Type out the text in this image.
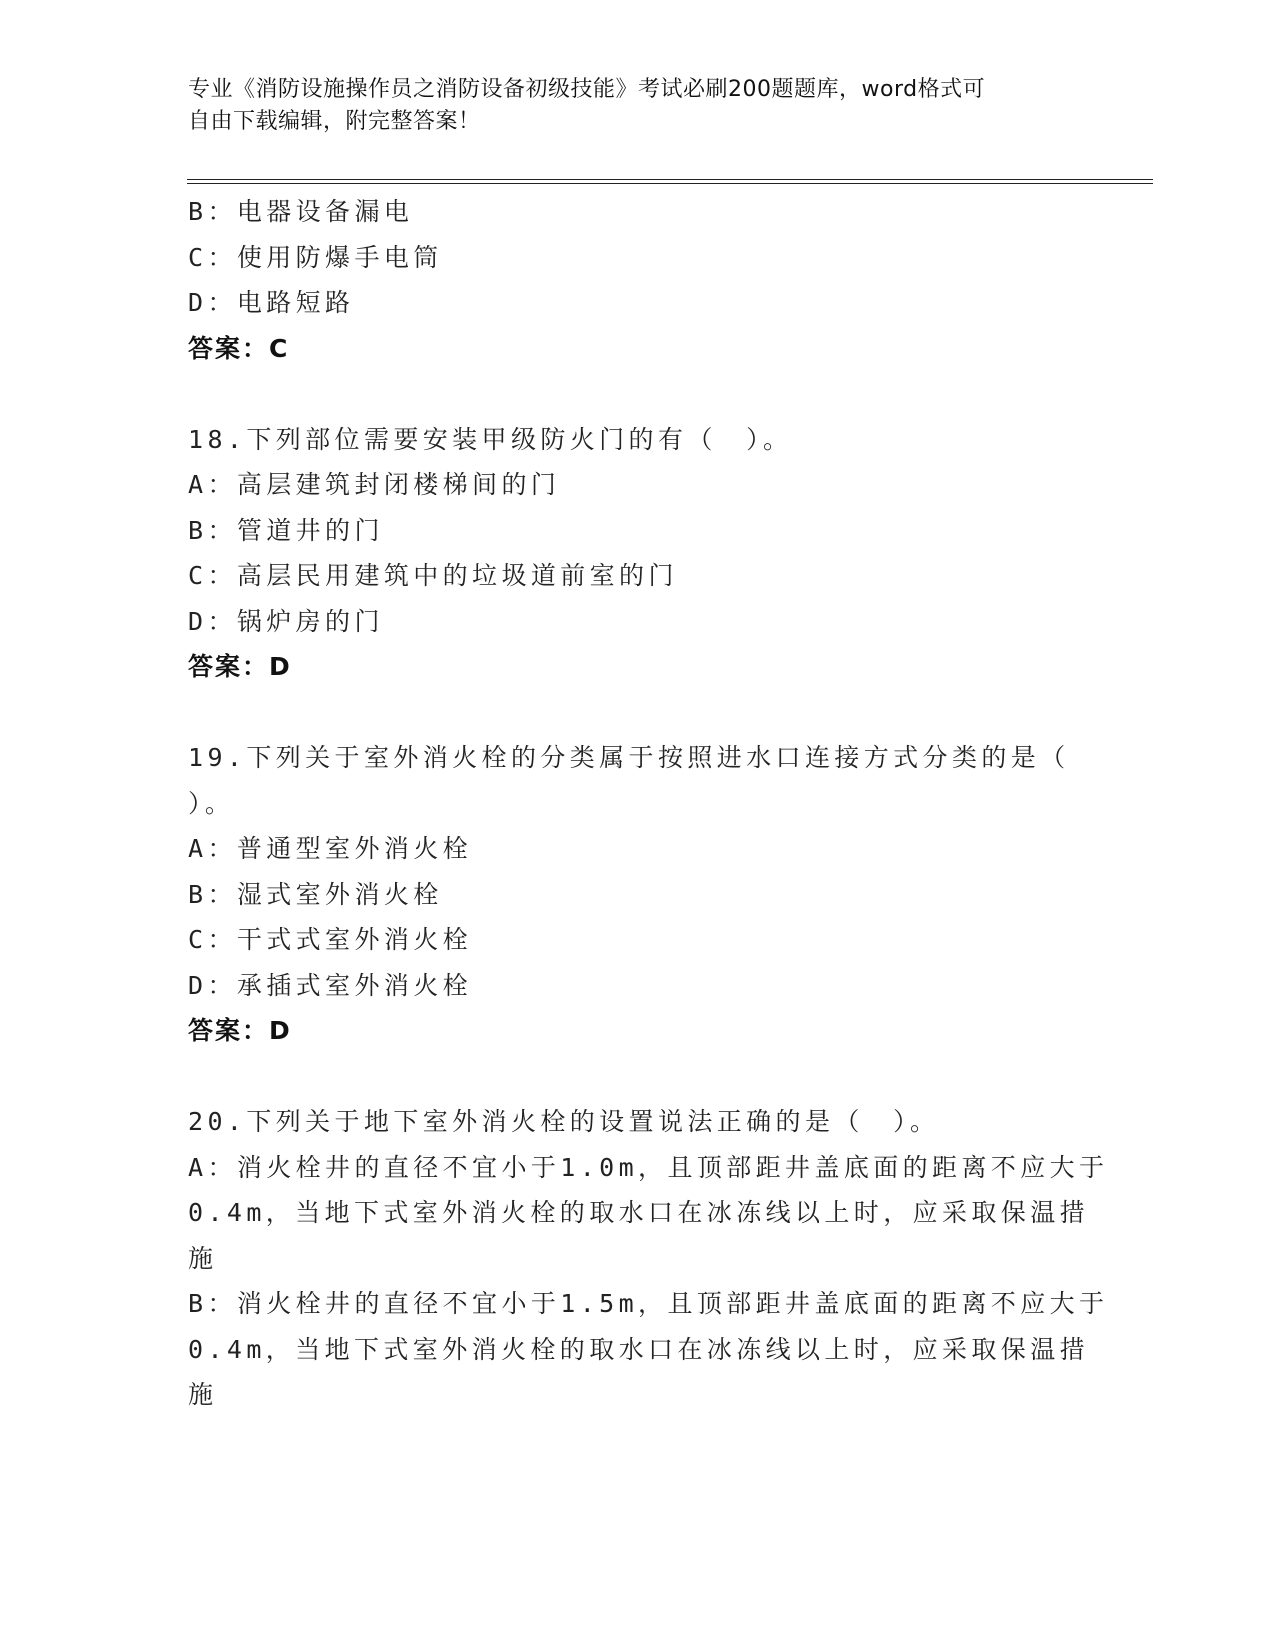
专业《消防设施操作员之消防设备初级技能》考试必刷200题题库，word格式可
自由下载编辑，附完整答案！
B：电器设备漏电
C：使用防爆手电筒
D：电路短路
答案：C
18.下列部位需要安装甲级防火门的有（　）。
A：高层建筑封闭楼梯间的门
B：管道井的门
C：高层民用建筑中的垃圾道前室的门
D：锅炉房的门
答案：D
19.下列关于室外消火栓的分类属于按照进水口连接方式分类的是（
）。
A：普通型室外消火栓
B：湿式室外消火栓
C：干式式室外消火栓
D：承插式室外消火栓
答案：D
20.下列关于地下室外消火栓的设置说法正确的是（　）。
A：消火栓井的直径不宜小于1.0m，且顶部距井盖底面的距离不应大于
0.4m，当地下式室外消火栓的取水口在冰冻线以上时，应采取保温措
施
B：消火栓井的直径不宜小于1.5m，且顶部距井盖底面的距离不应大于
0.4m，当地下式室外消火栓的取水口在冰冻线以上时，应采取保温措
施
